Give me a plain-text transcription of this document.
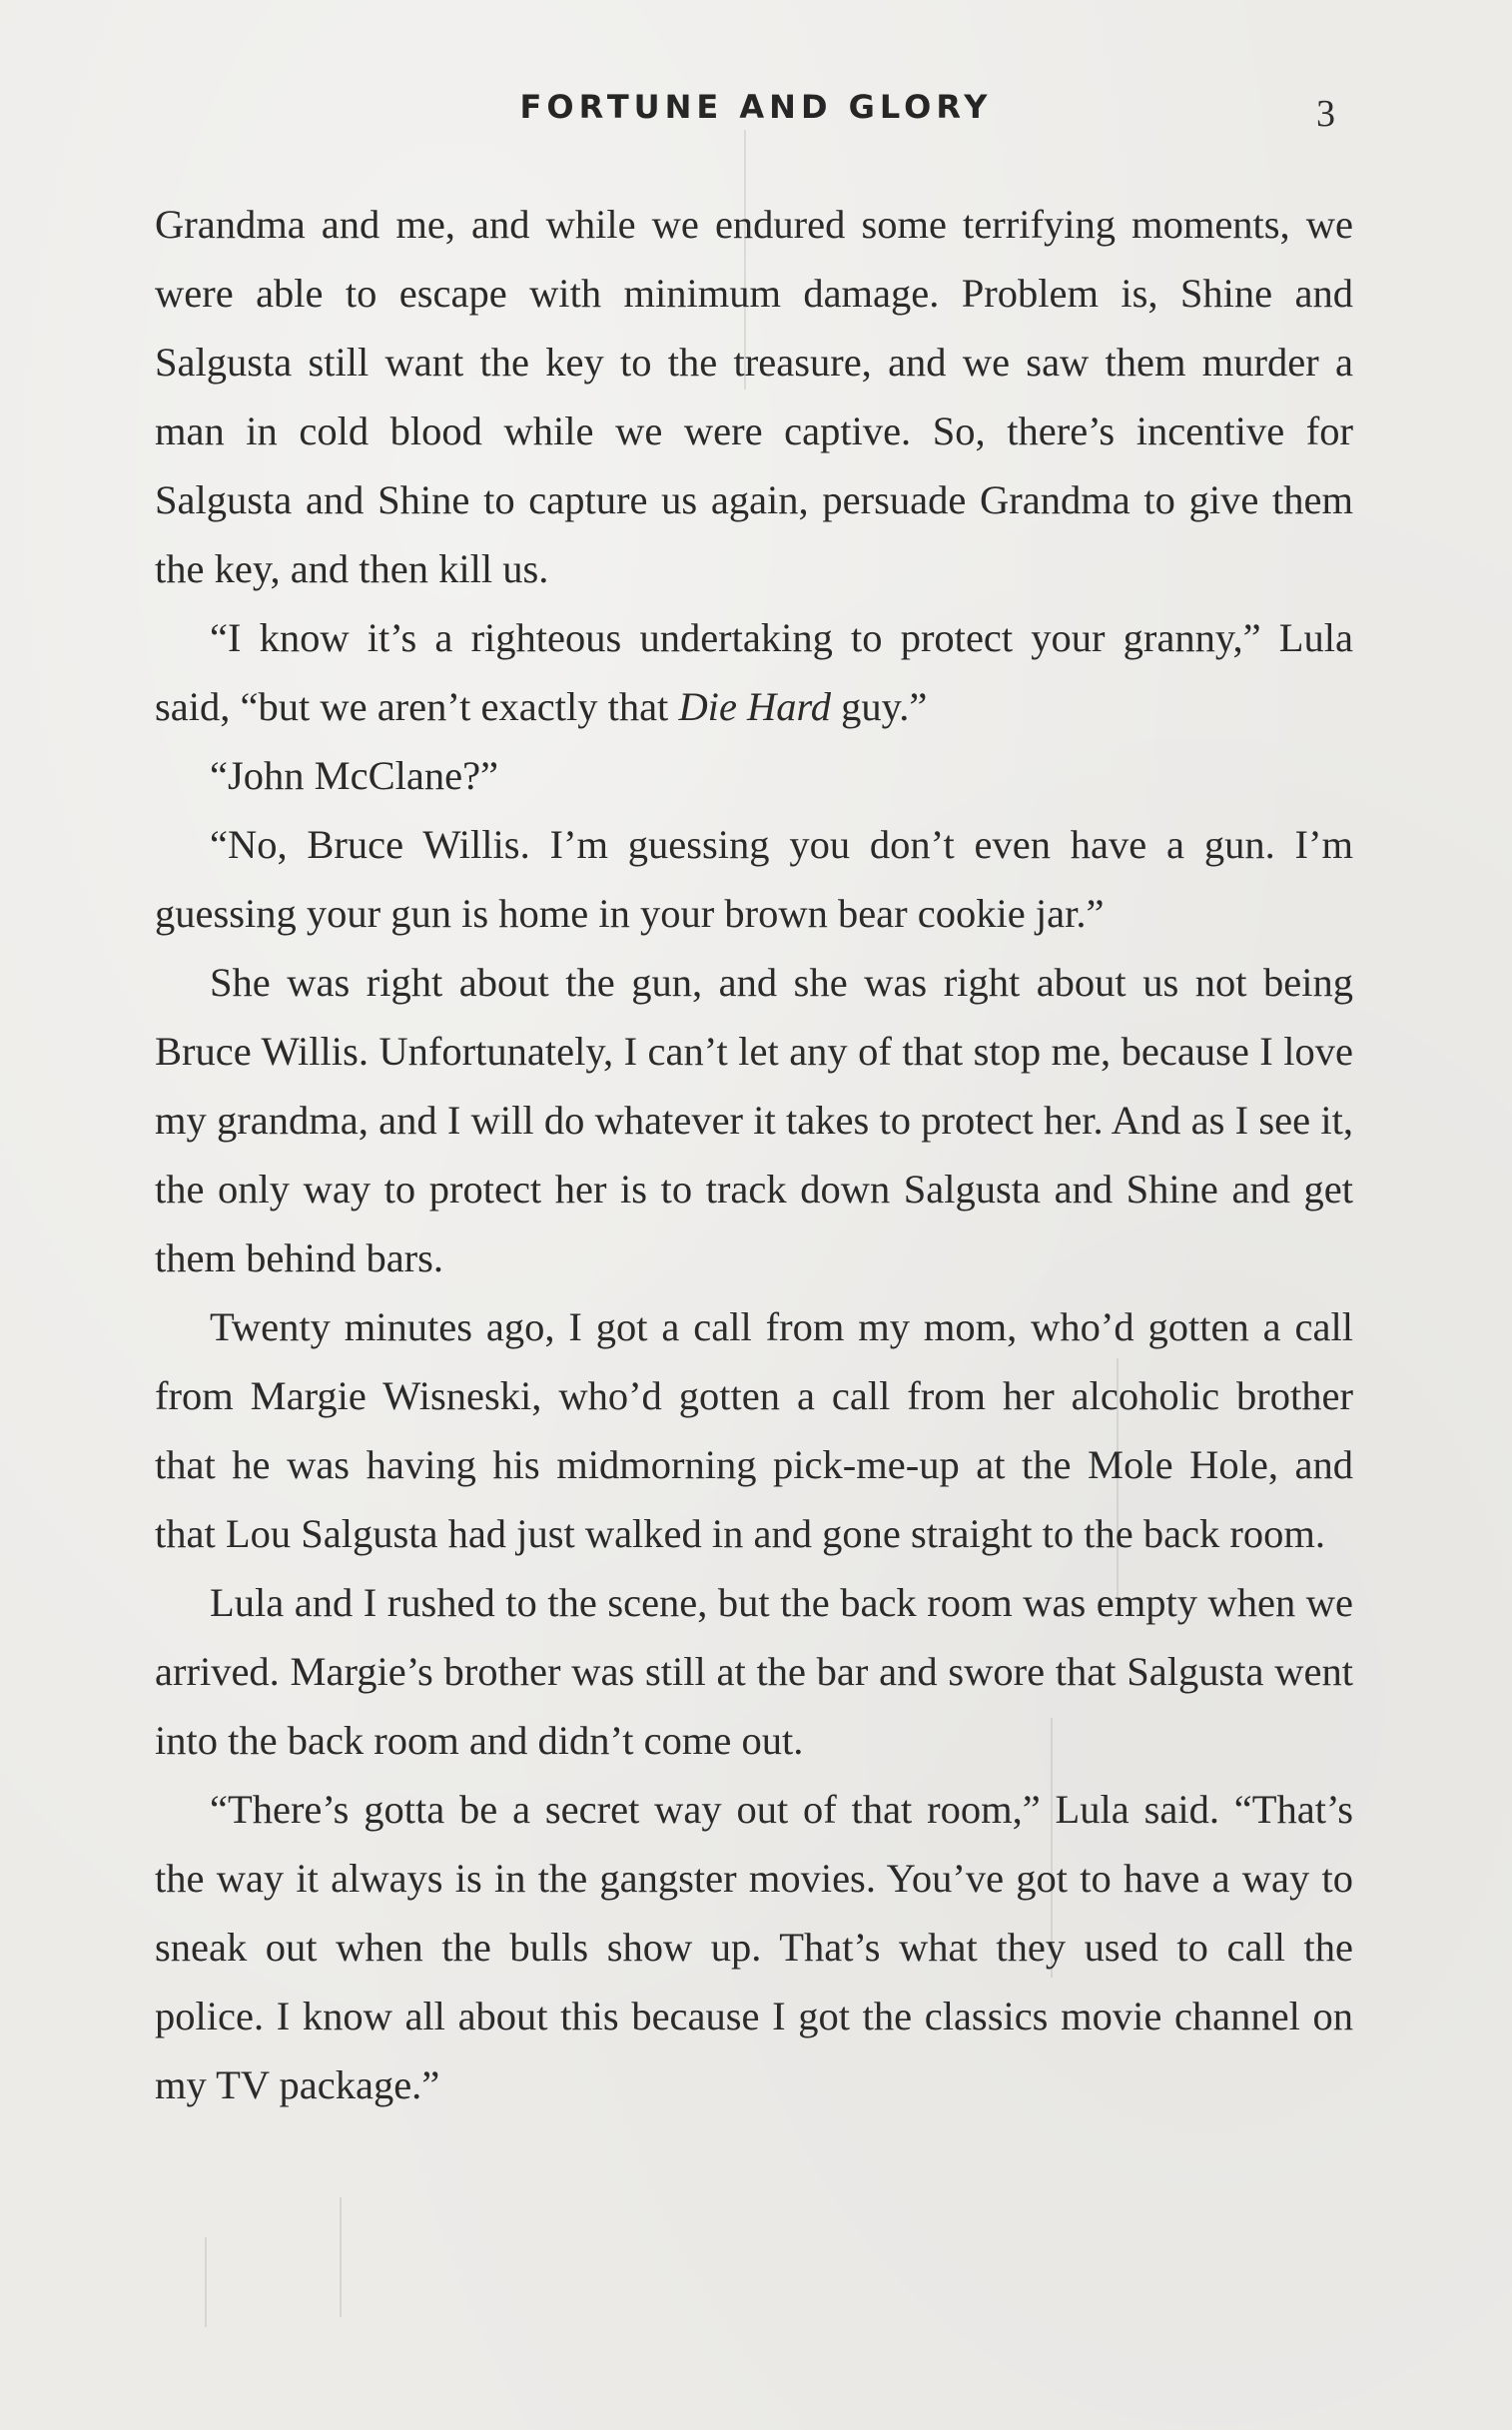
FORTUNE AND GLORY	3

Grandma and me, and while we endured some terrifying moments, we were able to escape with minimum damage. Problem is, Shine and Salgusta still want the key to the treasure, and we saw them murder a man in cold blood while we were captive. So, there’s incentive for Salgusta and Shine to capture us again, persuade Grandma to give them the key, and then kill us.

“I know it’s a righteous undertaking to protect your granny,” Lula said, “but we aren’t exactly that Die Hard guy.”

“John McClane?”

“No, Bruce Willis. I’m guessing you don’t even have a gun. I’m guessing your gun is home in your brown bear cookie jar.”

She was right about the gun, and she was right about us not being Bruce Willis. Unfortunately, I can’t let any of that stop me, because I love my grandma, and I will do whatever it takes to protect her. And as I see it, the only way to protect her is to track down Salgusta and Shine and get them behind bars.

Twenty minutes ago, I got a call from my mom, who’d gotten a call from Margie Wisneski, who’d gotten a call from her alcoholic brother that he was having his midmorning pick-me-up at the Mole Hole, and that Lou Salgusta had just walked in and gone straight to the back room.

Lula and I rushed to the scene, but the back room was empty when we arrived. Margie’s brother was still at the bar and swore that Salgusta went into the back room and didn’t come out.

“There’s gotta be a secret way out of that room,” Lula said. “That’s the way it always is in the gangster movies. You’ve got to have a way to sneak out when the bulls show up. That’s what they used to call the police. I know all about this because I got the classics movie channel on my TV package.”
